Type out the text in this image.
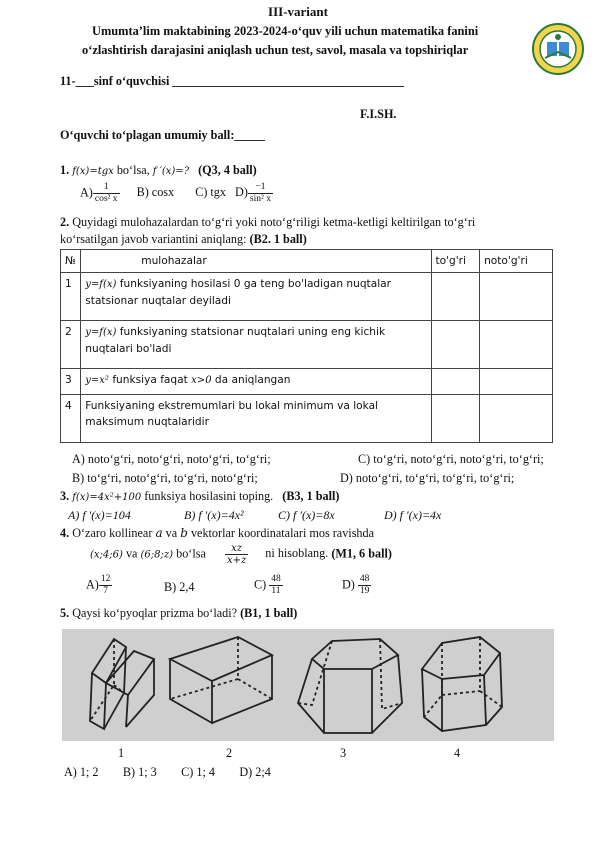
III-variant
Umumta’lim maktabining 2023-2024-o‘quv yili uchun matematika fanini
o‘zlashtirish darajasini aniqlash uchun test, savol, masala va topshiriqlar
11-___sinf o‘quvchisi ______________________________________
F.I.SH.
O‘quvchi to‘plagan umumiy ball:_____
1. f(x)=tgx bo‘lsa, f ′(x)=? (Q3, 4 ball)
$A) \frac{1}{\text{cos² x}} B$) cosx C) tgx $D) \frac{-1}{\text{sin² x}}$
2. Quyidagi mulohazalardan to‘g‘ri yoki noto‘g‘riligi ketma-ketligi keltirilgan to‘g‘ri
ko‘rsatilgan javob variantini aniqlang: (B2. 1 ball)
№	mulohazalar	to'g'ri	noto'g'ri
1	y=f(x) funksiyaning hosilasi 0 ga teng bo'ladigan nuqtalar
statsionar nuqtalar deyiladi		
2	y=f(x) funksiyaning statsionar nuqtalari uning eng kichik
nuqtalari bo'ladi		
3	y=x² funksiya faqat x>0 da aniqlangan		
4	Funksiyaning ekstremumlari bu lokal minimum va lokal
maksimum nuqtalaridir		
A) noto‘g‘ri, noto‘g‘ri, noto‘g‘ri, to‘g‘ri;	C) to‘g‘ri, noto‘g‘ri, noto‘g‘ri, to‘g‘ri;
B) to‘g‘ri, noto‘g‘ri, to‘g‘ri, noto‘g‘ri;	D) noto‘g‘ri, to‘g‘ri, to‘g‘ri, to‘g‘ri;
3. f(x)=4x²+100 funksiya hosilasini toping. (B3, 1 ball)
A) f ′(x)=104	B) f ′(x)=4x²	C) f ′(x)=8x	D) f ′(x)=4x
4. O‘zaro kollinear a va b vektorlar koordinatalari mos ravishda
(x;4;6) va (6;8;z) bo‘lsa $\frac{xz}{x+z}$ ni hisoblang. (M1, 6 ball)
$A) \frac{12}{7}$	B) 2,4	$C) \frac{48}{11}$	$D) \frac{48}{19}$
5. Qaysi ko‘pyoqlar prizma bo‘ladi? (B1, 1 ball)
1	2	3	4
A) 1; 2        B) 1; 3        C) 1; 4        D) 2;4
